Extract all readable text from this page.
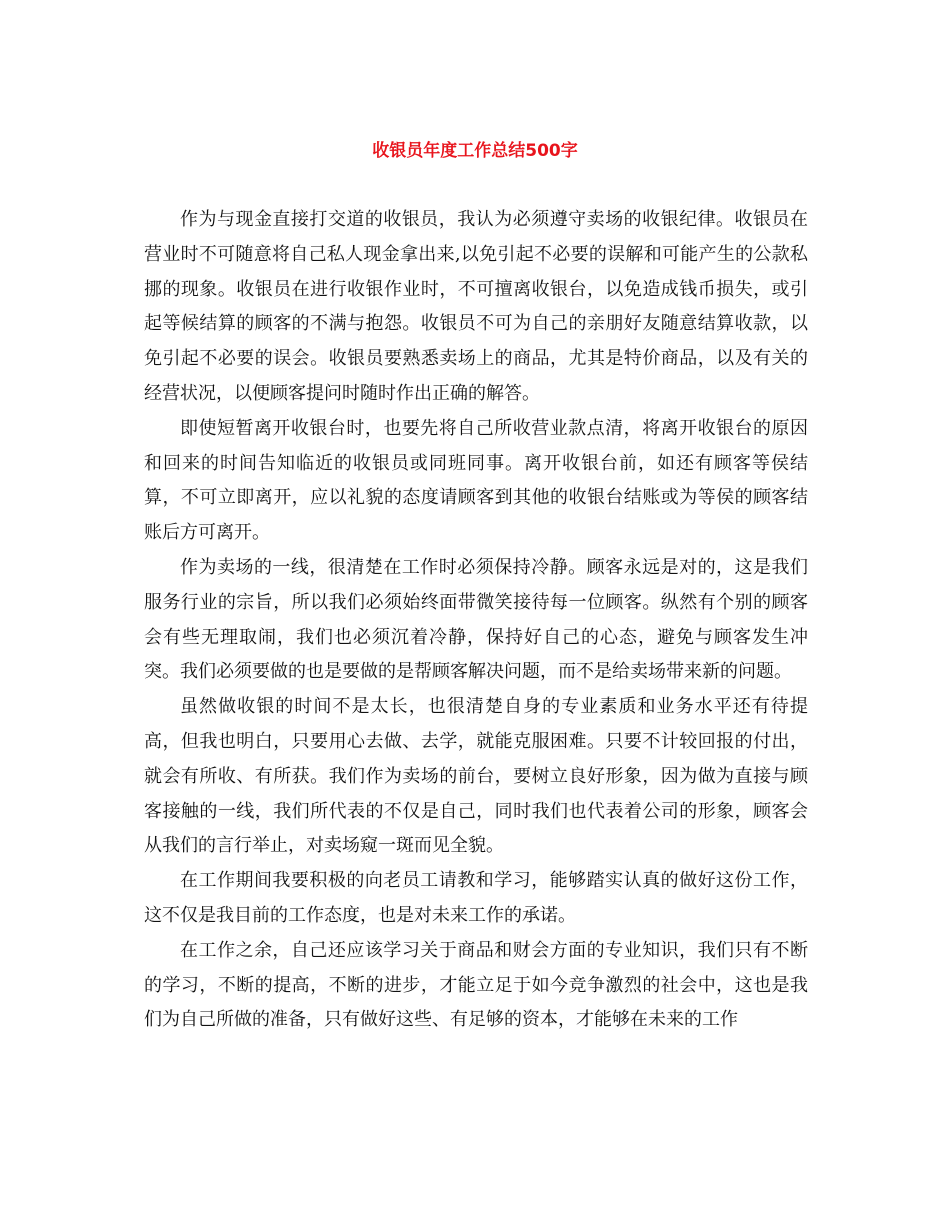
收银员年度工作总结500字

作为与现金直接打交道的收银员，我认为必须遵守卖场的收银纪律。收银员在营业时不可随意将自己私人现金拿出来,以免引起不必要的误解和可能产生的公款私挪的现象。收银员在进行收银作业时，不可擅离收银台，以免造成钱币损失，或引起等候结算的顾客的不满与抱怨。收银员不可为自己的亲朋好友随意结算收款，以免引起不必要的误会。收银员要熟悉卖场上的商品，尤其是特价商品，以及有关的经营状况，以便顾客提问时随时作出正确的解答。

即使短暂离开收银台时，也要先将自己所收营业款点清，将离开收银台的原因和回来的时间告知临近的收银员或同班同事。离开收银台前，如还有顾客等侯结算，不可立即离开，应以礼貌的态度请顾客到其他的收银台结账或为等侯的顾客结账后方可离开。

作为卖场的一线，很清楚在工作时必须保持冷静。顾客永远是对的，这是我们服务行业的宗旨，所以我们必须始终面带微笑接待每一位顾客。纵然有个别的顾客会有些无理取闹，我们也必须沉着冷静，保持好自己的心态，避免与顾客发生冲突。我们必须要做的也是要做的是帮顾客解决问题，而不是给卖场带来新的问题。

虽然做收银的时间不是太长，也很清楚自身的专业素质和业务水平还有待提高，但我也明白，只要用心去做、去学，就能克服困难。只要不计较回报的付出，就会有所收、有所获。我们作为卖场的前台，要树立良好形象，因为做为直接与顾客接触的一线，我们所代表的不仅是自己，同时我们也代表着公司的形象，顾客会从我们的言行举止，对卖场窥一斑而见全貌。

在工作期间我要积极的向老员工请教和学习，能够踏实认真的做好这份工作，这不仅是我目前的工作态度，也是对未来工作的承诺。

在工作之余，自己还应该学习关于商品和财会方面的专业知识，我们只有不断的学习，不断的提高，不断的进步，才能立足于如今竞争激烈的社会中，这也是我们为自己所做的准备，只有做好这些、有足够的资本，才能够在未来的工作
